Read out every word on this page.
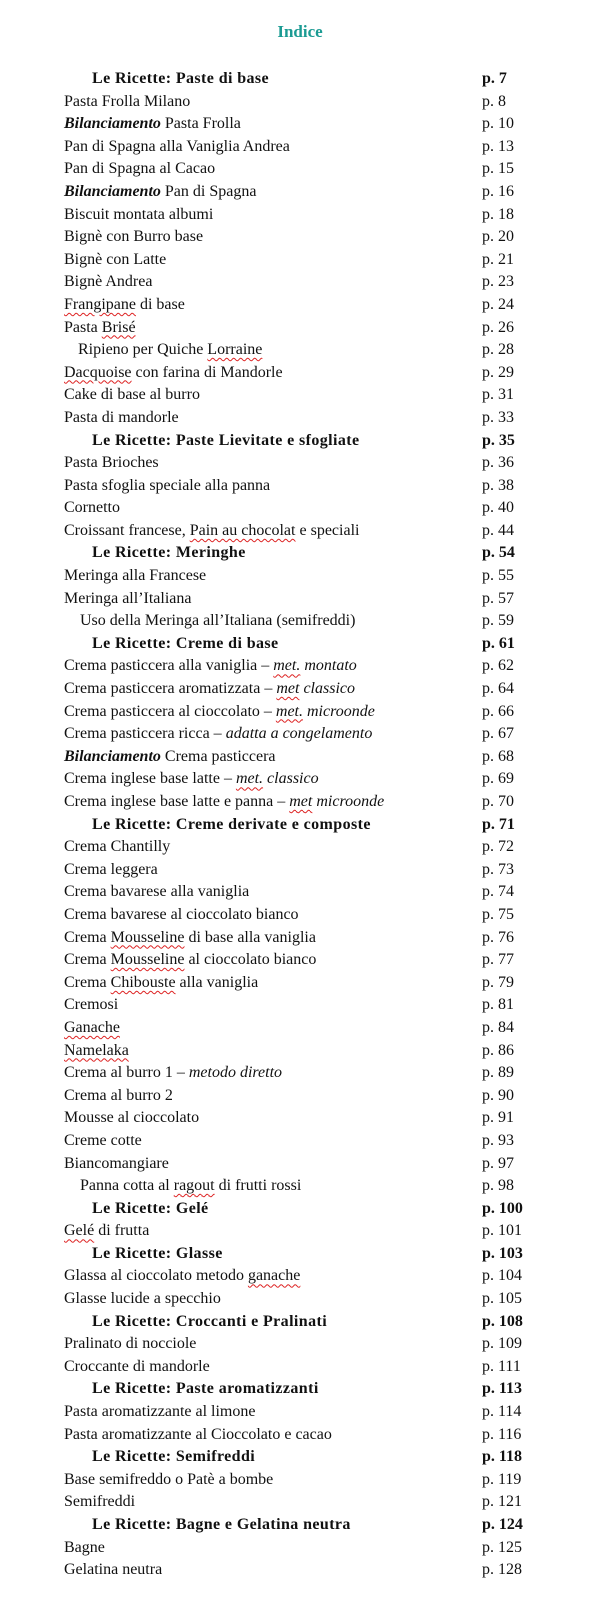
Indice
Le Ricette: Paste di base	p. 7
Pasta Frolla Milano	p. 8
Bilanciamento Pasta Frolla	p. 10
Pan di Spagna alla Vaniglia Andrea	p. 13
Pan di Spagna al Cacao	p. 15
Bilanciamento Pan di Spagna	p. 16
Biscuit montata albumi	p. 18
Bignè con Burro base	p. 20
Bignè con Latte	p. 21
Bignè Andrea	p. 23
Frangipane di base	p. 24
Pasta Brisé	p. 26
Ripieno per Quiche Lorraine	p. 28
Dacquoise con farina di Mandorle	p. 29
Cake di base al burro	p. 31
Pasta di mandorle	p. 33
Le Ricette: Paste Lievitate e sfogliate	p. 35
Pasta Brioches	p. 36
Pasta sfoglia speciale alla panna	p. 38
Cornetto	p. 40
Croissant francese, Pain au chocolat e speciali	p. 44
Le Ricette: Meringhe	p. 54
Meringa alla Francese	p. 55
Meringa all’Italiana	p. 57
Uso della Meringa all’Italiana (semifreddi)	p. 59
Le Ricette: Creme di base	p. 61
Crema pasticcera alla vaniglia – met. montato	p. 62
Crema pasticcera aromatizzata – met classico	p. 64
Crema pasticcera al cioccolato – met. microonde	p. 66
Crema pasticcera ricca – adatta a congelamento	p. 67
Bilanciamento Crema pasticcera	p. 68
Crema inglese base latte – met. classico	p. 69
Crema inglese base latte e panna – met microonde	p. 70
Le Ricette: Creme derivate e composte	p. 71
Crema Chantilly	p. 72
Crema leggera	p. 73
Crema bavarese alla vaniglia	p. 74
Crema bavarese al cioccolato bianco	p. 75
Crema Mousseline di base alla vaniglia	p. 76
Crema Mousseline al cioccolato bianco	p. 77
Crema Chibouste alla vaniglia	p. 79
Cremosi	p. 81
Ganache	p. 84
Namelaka	p. 86
Crema al burro 1 – metodo diretto	p. 89
Crema al burro 2	p. 90
Mousse al cioccolato	p. 91
Creme cotte	p. 93
Biancomangiare	p. 97
Panna cotta al ragout di frutti rossi	p. 98
Le Ricette: Gelé	p. 100
Gelé di frutta	p. 101
Le Ricette: Glasse	p. 103
Glassa al cioccolato metodo ganache	p. 104
Glasse lucide a specchio	p. 105
Le Ricette: Croccanti e Pralinati	p. 108
Pralinato di nocciole	p. 109
Croccante di mandorle	p. 111
Le Ricette: Paste aromatizzanti	p. 113
Pasta aromatizzante al limone	p. 114
Pasta aromatizzante al Cioccolato e cacao	p. 116
Le Ricette: Semifreddi	p. 118
Base semifreddo o Patè a bombe	p. 119
Semifreddi	p. 121
Le Ricette: Bagne e Gelatina neutra	p. 124
Bagne	p. 125
Gelatina neutra	p. 128
